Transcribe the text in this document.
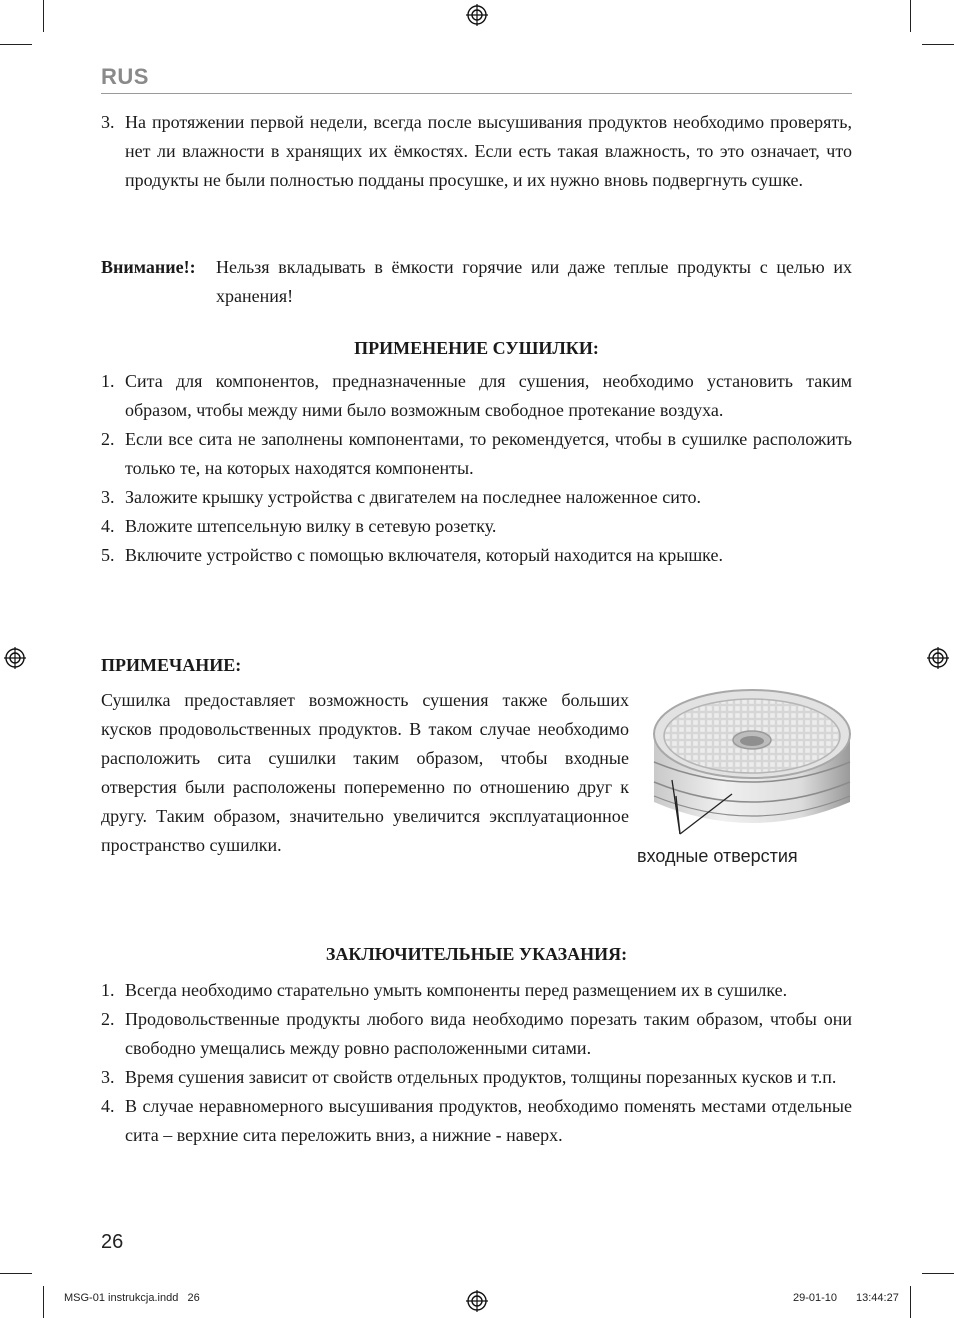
RUS
3. На протяжении первой недели, всегда после высушивания продуктов необходимо проверять, нет ли влажности в хранящих их ёмкостях. Если есть такая влажность, то это означает, что продукты не были полностью подданы просушке, и их нужно вновь подвергнуть сушке.
Внимание!: Нельзя вкладывать в ёмкости горячие или даже теплые продукты с целью их хранения!
ПРИМЕНЕНИЕ СУШИЛКИ:
1. Сита для компонентов, предназначенные для сушения, необходимо установить таким образом, чтобы между ними было возможным свободное протекание воздуха.
2. Если все сита не заполнены компонентами, то рекомендуется, чтобы в сушилке расположить только те, на которых находятся компоненты.
3. Заложите крышку устройства с двигателем на последнее наложенное сито.
4. Вложите штепсельную вилку в сетевую розетку.
5. Включите устройство с помощью включателя, который находится на крышке.
ПРИМЕЧАНИЕ:
Сушилка предоставляет возможность сушения также больших кусков продовольственных продуктов. В таком случае необходимо расположить сита сушилки таким образом, чтобы входные отверстия были расположены попеременно по отношению друг к другу. Таким образом, значительно увеличится эксплуатационное пространство сушилки.
входные отверстия
ЗАКЛЮЧИТЕЛЬНЫЕ УКАЗАНИЯ:
1. Всегда необходимо старательно умыть компоненты перед размещением их в сушилке.
2. Продовольственные продукты любого вида необходимо порезать таким образом, чтобы они свободно умещались между ровно расположенными ситами.
3. Время сушения зависит от свойств отдельных продуктов, толщины порезанных кусков и т.п.
4. В случае неравномерного высушивания продуктов, необходимо поменять местами отдельные сита – верхние сита переложить вниз, а нижние - наверх.
26
MSG-01 instrukcja.indd   26	29-01-10 13:44:27
